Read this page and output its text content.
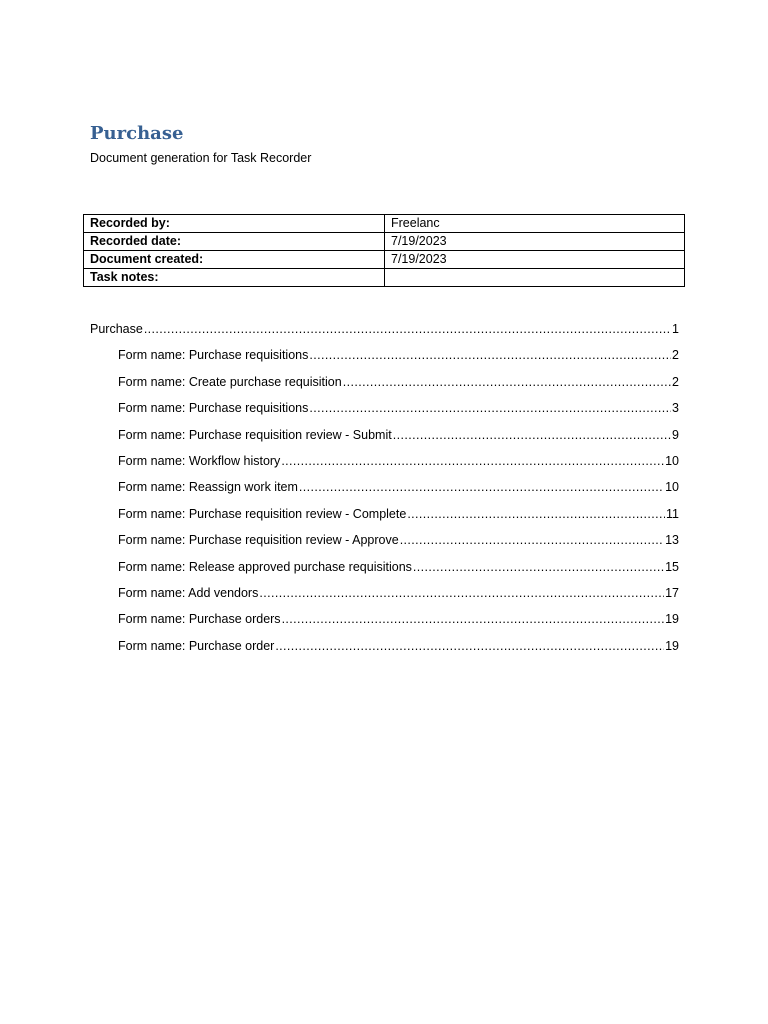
Purchase
Document generation for Task Recorder
Recorded by:	Freelanc
Recorded date:	7/19/2023
Document created:	7/19/2023
Task notes:	
Purchase .....	1
Form name: Purchase requisitions .....	2
Form name: Create purchase requisition .....	2
Form name: Purchase requisitions .....	3
Form name: Purchase requisition review - Submit .....	9
Form name: Workflow history .....	10
Form name: Reassign work item .....	10
Form name: Purchase requisition review - Complete .....	11
Form name: Purchase requisition review - Approve .....	13
Form name: Release approved purchase requisitions .....	15
Form name: Add vendors .....	17
Form name: Purchase orders .....	19
Form name: Purchase order .....	19
